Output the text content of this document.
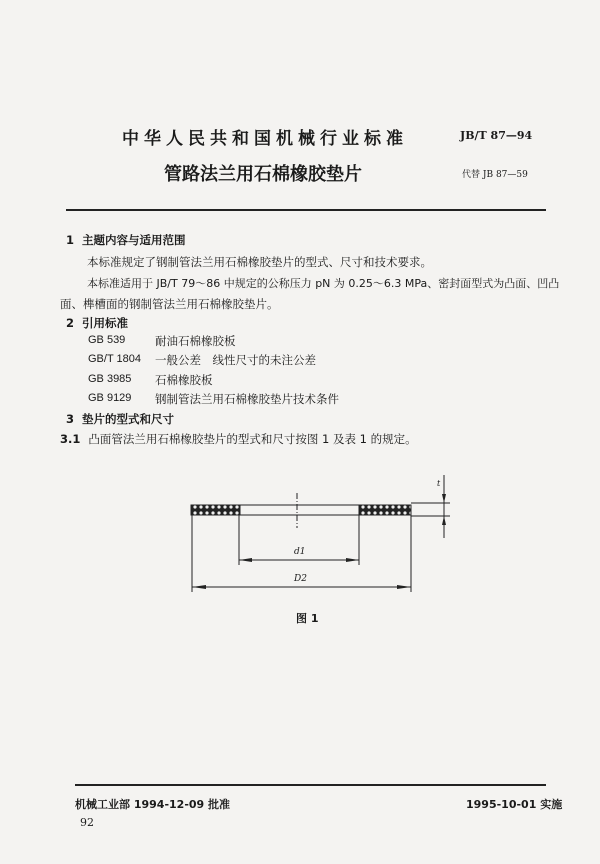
中华人民共和国机械行业标准	JB/T 87—94
管路法兰用石棉橡胶垫片	代替 JB 87—59
1 主题内容与适用范围
本标准规定了钢制管法兰用石棉橡胶垫片的型式、尺寸和技术要求。
本标准适用于 JB/T 79～86 中规定的公称压力 pN 为 0.25～6.3 MPa、密封面型式为凸面、凹凸
面、榫槽面的钢制管法兰用石棉橡胶垫片。
2 引用标准
GB 539	耐油石棉橡胶板
GB/T 1804 一般公差　线性尺寸的未注公差
GB 3985 石棉橡胶板
GB 9129 钢制管法兰用石棉橡胶垫片技术条件
3 垫片的型式和尺寸
3.1 凸面管法兰用石棉橡胶垫片的型式和尺寸按图 1 及表 1 的规定。
d1
D2
t
图 1
机械工业部 1994-12-09 批准	1995-10-01 实施
92
